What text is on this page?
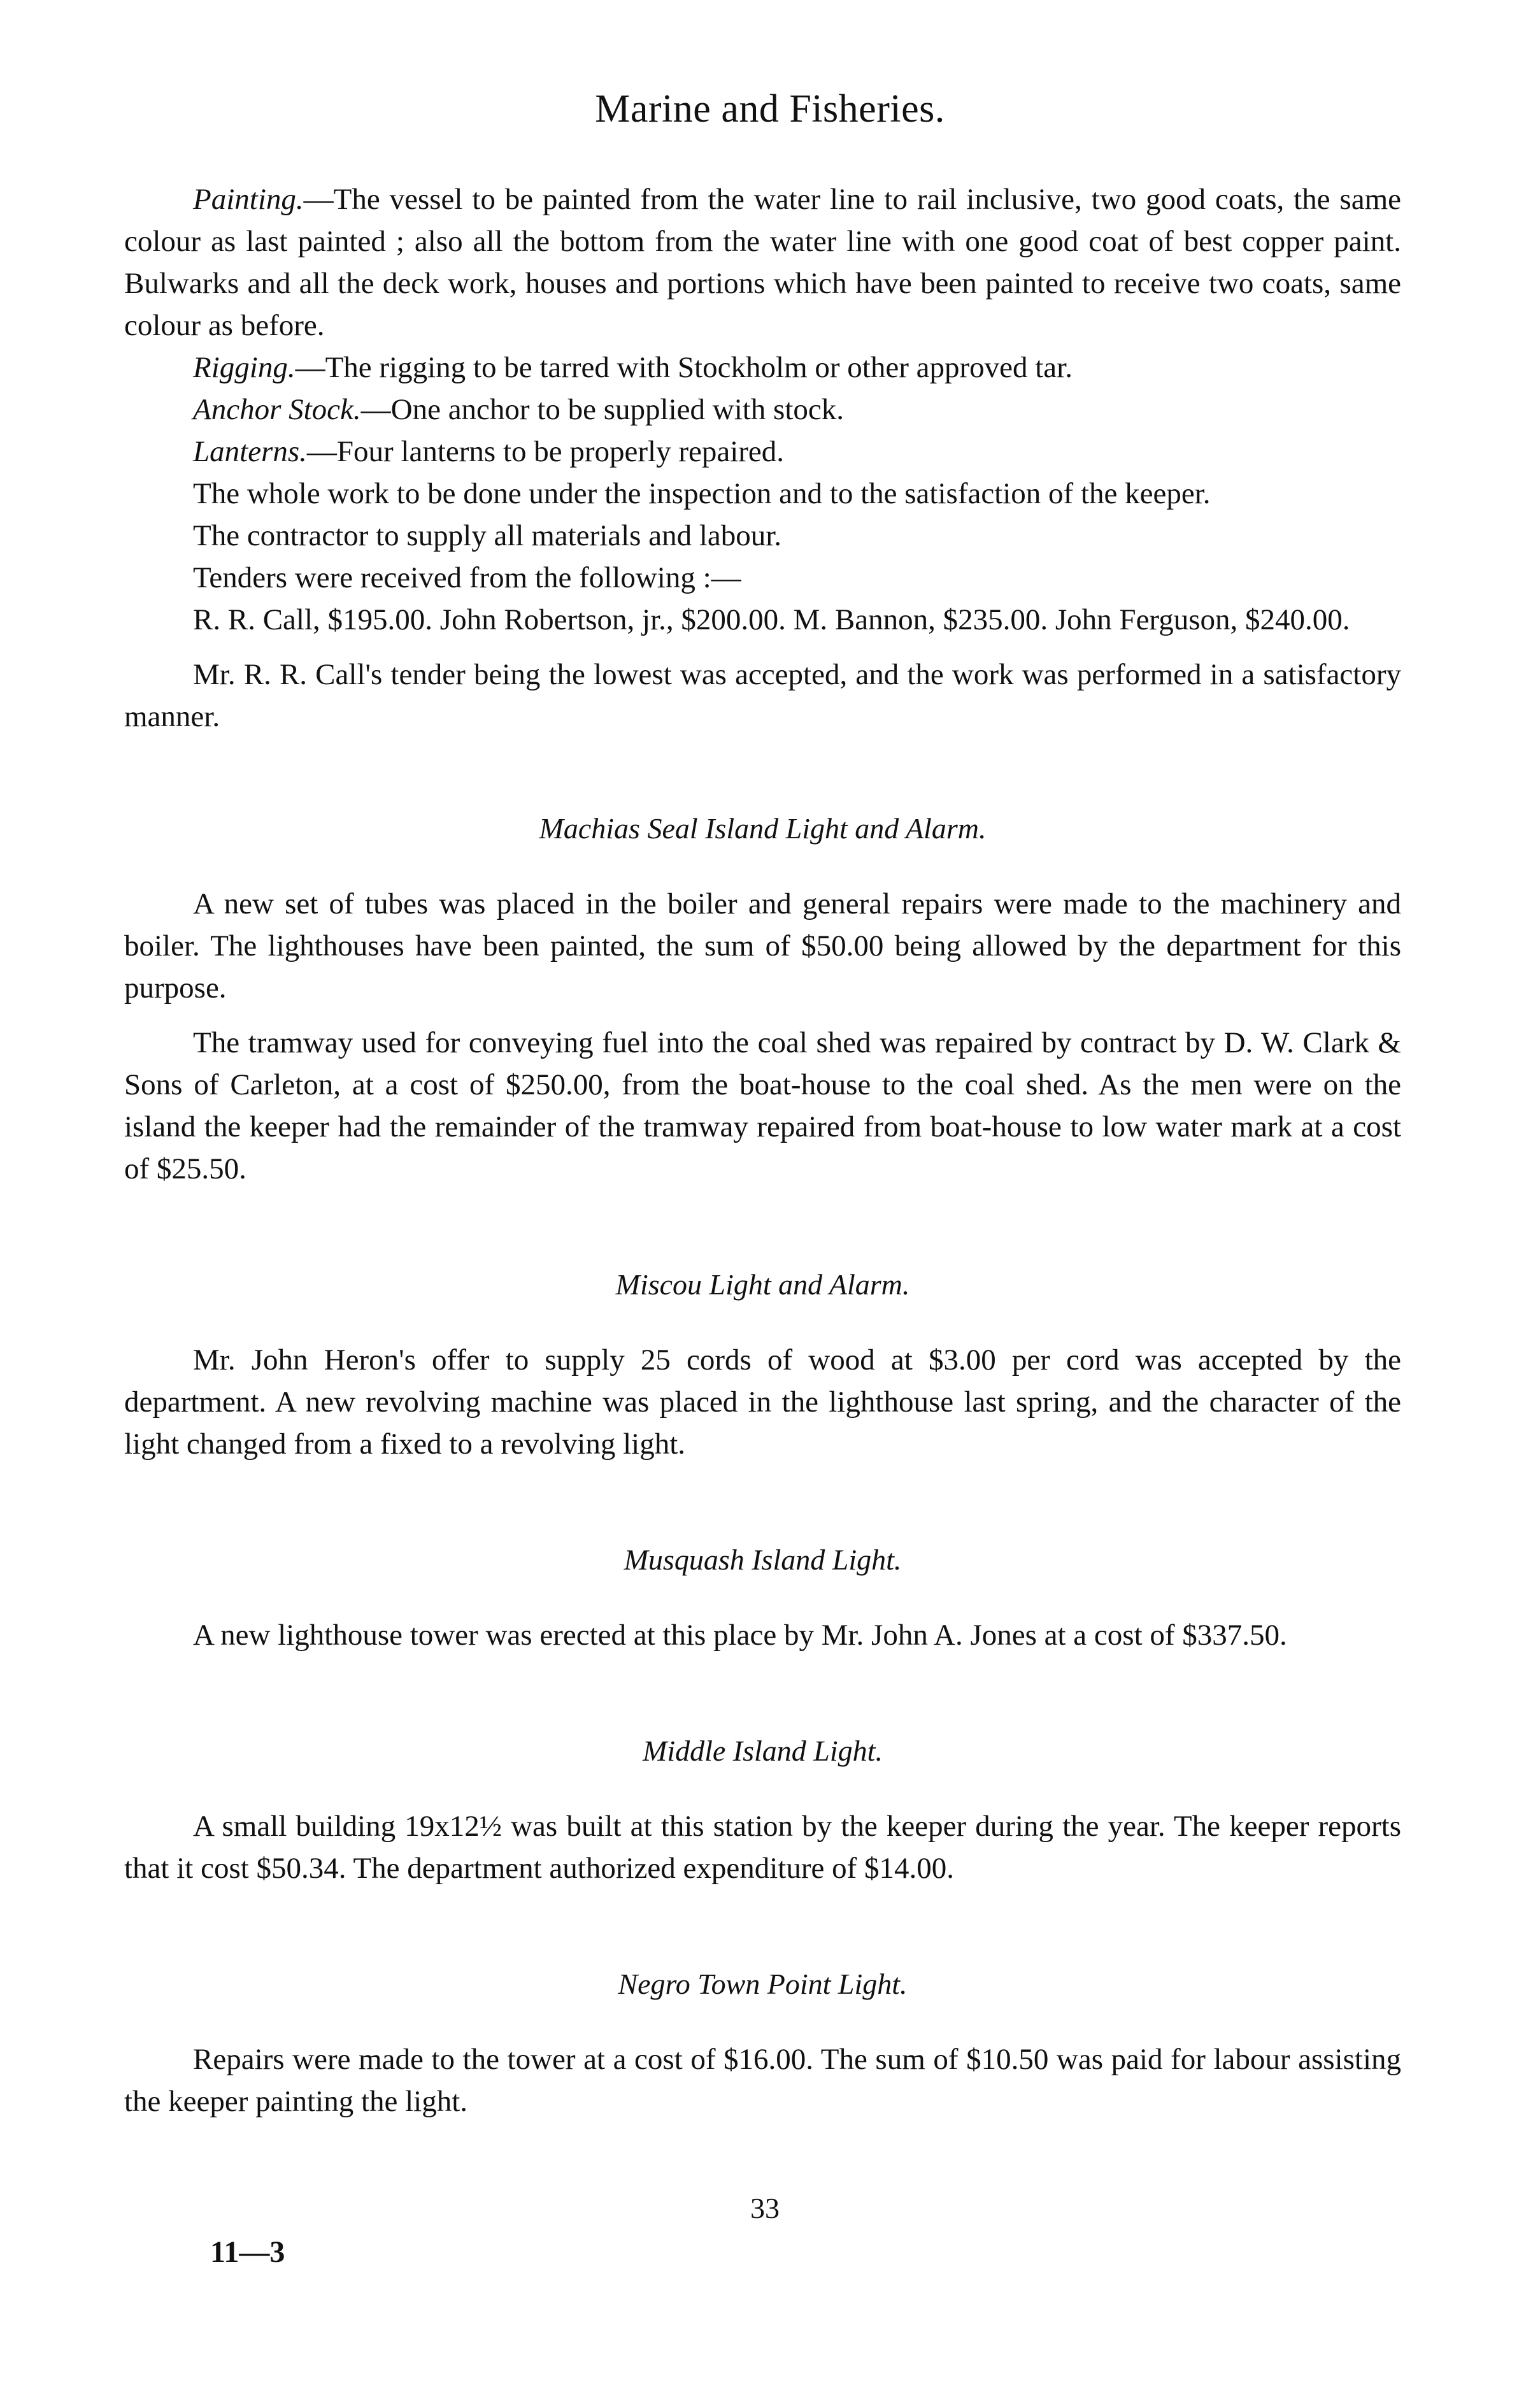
Marine and Fisheries.

Painting.—The vessel to be painted from the water line to rail inclusive, two good coats, the same colour as last painted ; also all the bottom from the water line with one good coat of best copper paint. Bulwarks and all the deck work, houses and portions which have been painted to receive two coats, same colour as before.

Rigging.—The rigging to be tarred with Stockholm or other approved tar.

Anchor Stock.—One anchor to be supplied with stock.

Lanterns.—Four lanterns to be properly repaired.

The whole work to be done under the inspection and to the satisfaction of the keeper.

The contractor to supply all materials and labour.

Tenders were received from the following :—

R. R. Call, $195.00. John Robertson, jr., $200.00. M. Bannon, $235.00. John Ferguson, $240.00.

Mr. R. R. Call's tender being the lowest was accepted, and the work was performed in a satisfactory manner.

Machias Seal Island Light and Alarm.

A new set of tubes was placed in the boiler and general repairs were made to the machinery and boiler. The lighthouses have been painted, the sum of $50.00 being allowed by the department for this purpose.

The tramway used for conveying fuel into the coal shed was repaired by contract by D. W. Clark & Sons of Carleton, at a cost of $250.00, from the boat-house to the coal shed. As the men were on the island the keeper had the remainder of the tramway repaired from boat-house to low water mark at a cost of $25.50.

Miscou Light and Alarm.

Mr. John Heron's offer to supply 25 cords of wood at $3.00 per cord was accepted by the department. A new revolving machine was placed in the lighthouse last spring, and the character of the light changed from a fixed to a revolving light.

Musquash Island Light.

A new lighthouse tower was erected at this place by Mr. John A. Jones at a cost of $337.50.

Middle Island Light.

A small building 19x12½ was built at this station by the keeper during the year. The keeper reports that it cost $50.34. The department authorized expenditure of $14.00.

Negro Town Point Light.

Repairs were made to the tower at a cost of $16.00. The sum of $10.50 was paid for labour assisting the keeper painting the light.

33
11—3
